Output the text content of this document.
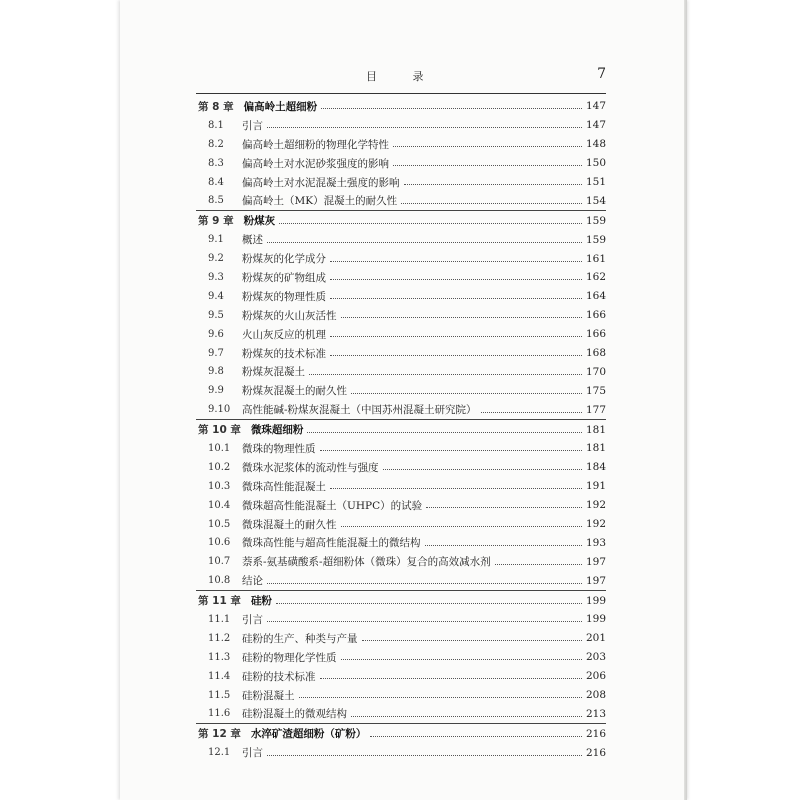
目 录	7
第 8 章 偏高岭土超细粉	147
8.1	引言	147
8.2	偏高岭土超细粉的物理化学特性	148
8.3	偏高岭土对水泥砂浆强度的影响	150
8.4	偏高岭土对水泥混凝土强度的影响	151
8.5	偏高岭土（MK）混凝土的耐久性	154
第 9 章 粉煤灰	159
9.1	概述	159
9.2	粉煤灰的化学成分	161
9.3	粉煤灰的矿物组成	162
9.4	粉煤灰的物理性质	164
9.5	粉煤灰的火山灰活性	166
9.6	火山灰反应的机理	166
9.7	粉煤灰的技术标准	168
9.8	粉煤灰混凝土	170
9.9	粉煤灰混凝土的耐久性	175
9.10	高性能碱-粉煤灰混凝土（中国苏州混凝土研究院）	177
第 10 章 微珠超细粉	181
10.1	微珠的物理性质	181
10.2	微珠水泥浆体的流动性与强度	184
10.3	微珠高性能混凝土	191
10.4	微珠超高性能混凝土（UHPC）的试验	192
10.5	微珠混凝土的耐久性	192
10.6	微珠高性能与超高性能混凝土的微结构	193
10.7	萘系-氨基磺酸系-超细粉体（微珠）复合的高效减水剂	197
10.8	结论	197
第 11 章 硅粉	199
11.1	引言	199
11.2	硅粉的生产、种类与产量	201
11.3	硅粉的物理化学性质	203
11.4	硅粉的技术标准	206
11.5	硅粉混凝土	208
11.6	硅粉混凝土的微观结构	213
第 12 章 水淬矿渣超细粉（矿粉）	216
12.1	引言	216
